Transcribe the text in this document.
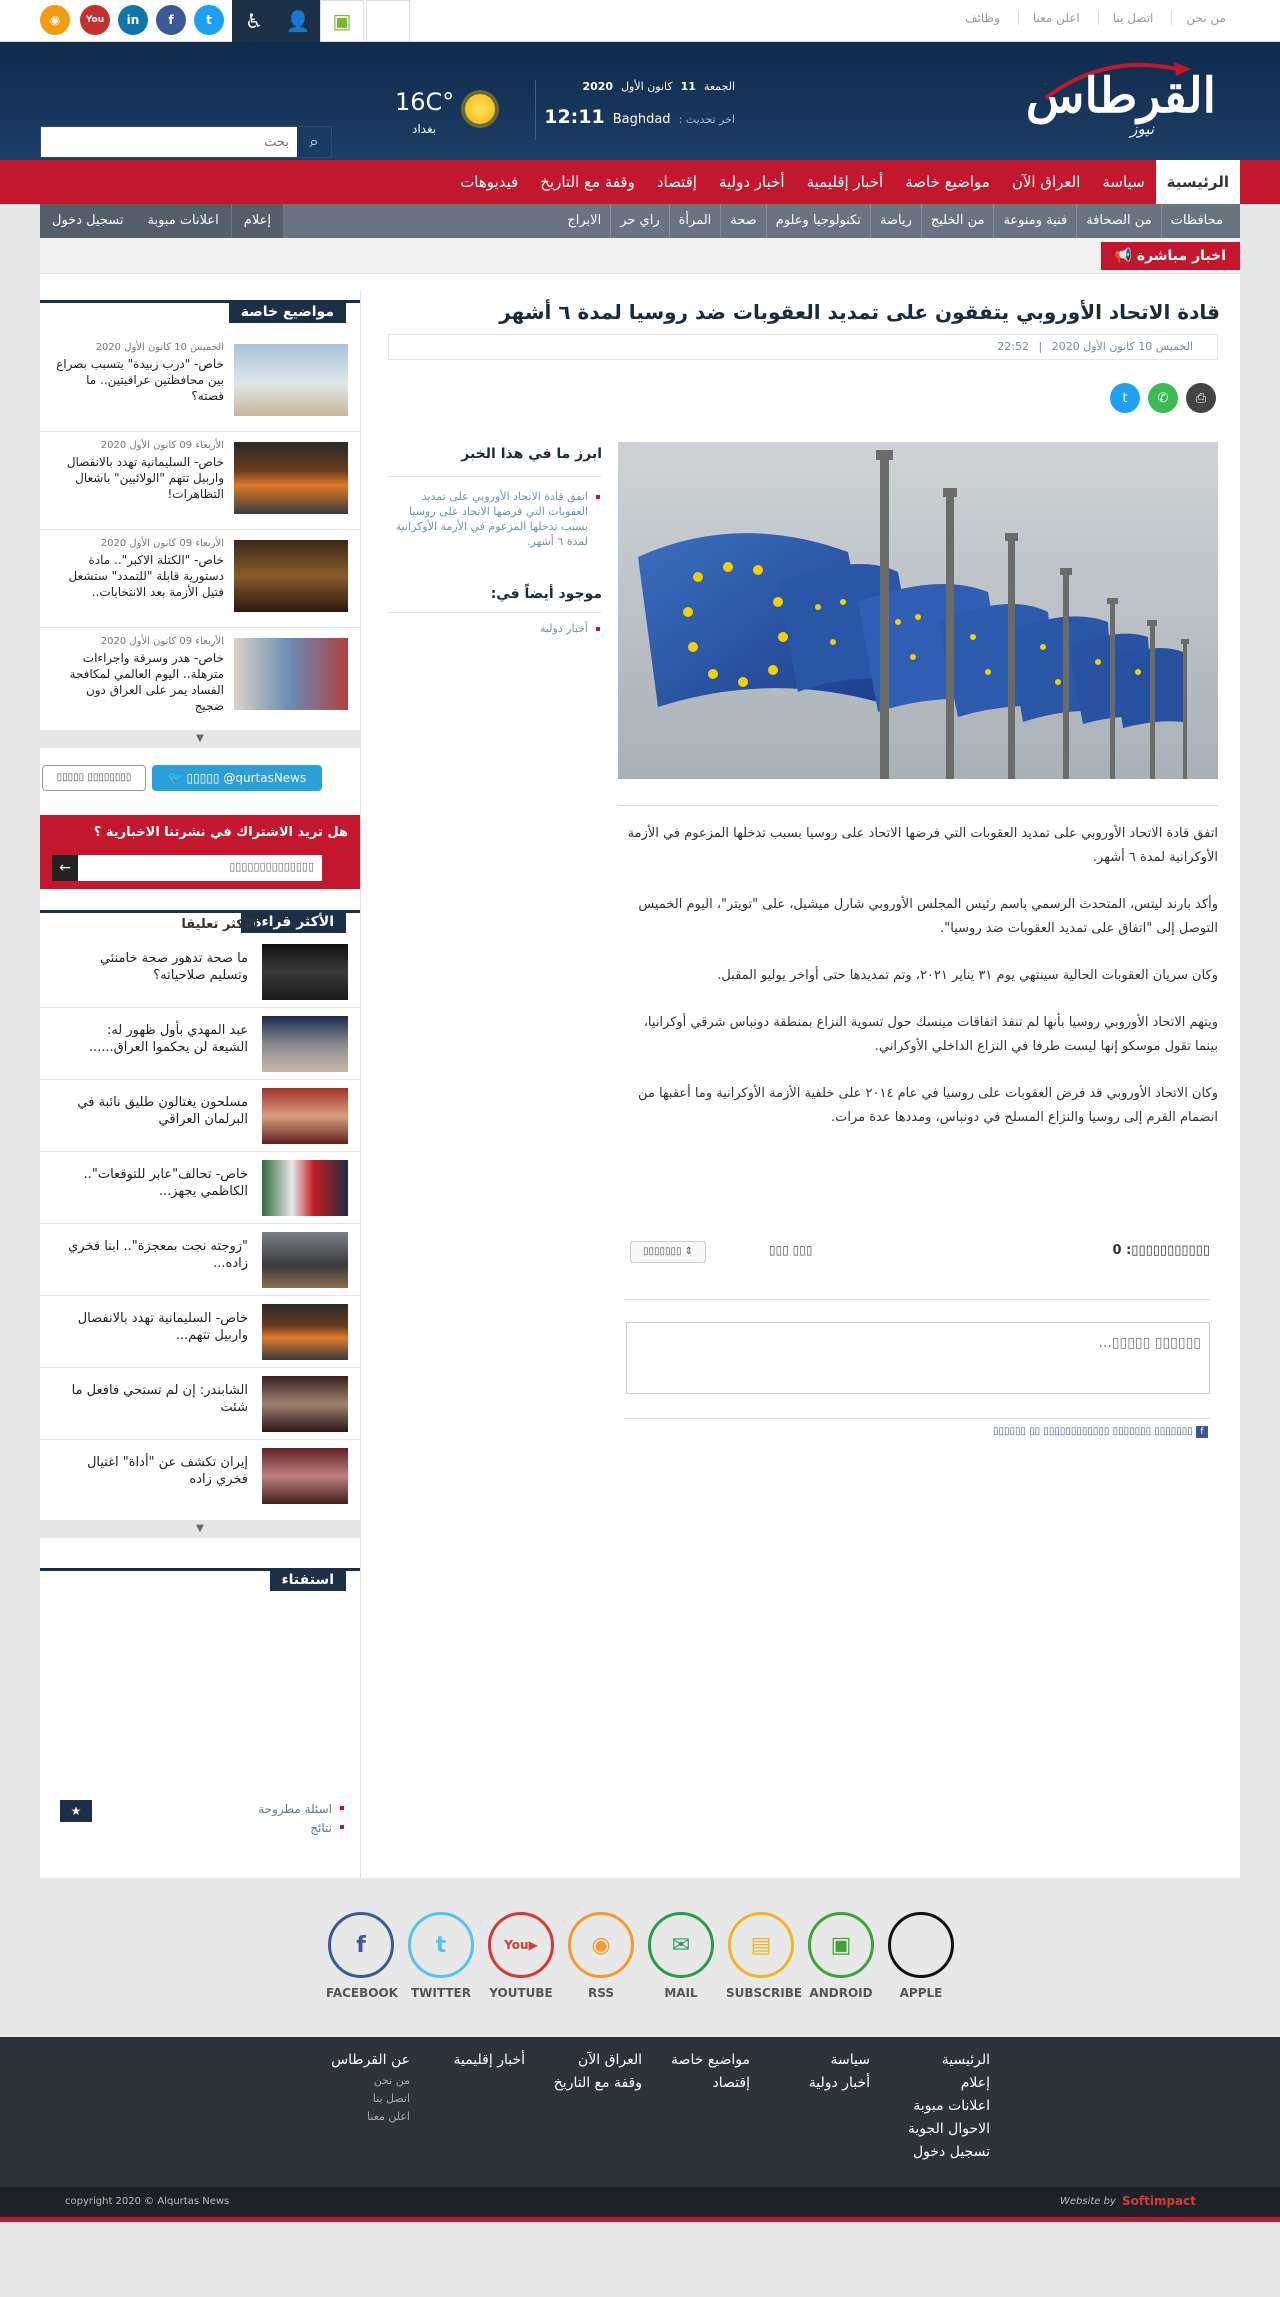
من نحن
اتصل بنا
اعلن معنا
وظائف
◉	You	in	f	t	♿	👤	▣
القرطاس
نيوز
الجمعة
11
كانون الأول
2020
اخر تحديث :
Baghdad
12:11
16C°
بغداد
بحث
⌕
الرئيسية
سياسة
العراق الآن
مواضيع خاصة
أخبار إقليمية
أخبار دولية
إقتصاد
وقفة مع التاريخ
فيديوهات
محافظات
من الصحافة
فنية ومنوعة
من الخليج
رياضة
تكنولوجيا وعلوم
صحة
المرأة
راي حر
الابراج
تسجيل دخول	اعلانات مبوبة	إعلام
📢 اخبار مباشرة
مواضيع خاصة
الخميس 10 كانون الأول 2020
خاص- "درب زبيدة" يتسبب بصراع بين محافظتين عراقيتين.. ما قصته؟
الأربعاء 09 كانون الأول 2020
خاص- السليمانية تهدد بالانفصال واربيل تتهم "الولائيين" باشعال التظاهرات!
الأربعاء 09 كانون الأول 2020
خاص- "الكتلة الاكبر".. مادة دستورية قابلة "للتمدد" ستشعل فتيل الأزمة بعد الانتخابات..
الأربعاء 09 كانون الأول 2020
خاص- هدر وسرقة واجراءات مترهلة.. اليوم العالمي لمكافحة الفساد يمر على العراق دون ضجيج
▼
🐦 ▯▯▯▯▯ @qurtasNews
▯▯▯▯▯ ▯▯▯▯▯▯▯▯
هل تريد الاشتراك في نشرتنا الاخبارية ؟
▯▯▯▯▯▯▯▯▯▯▯▯▯▯
←
الأكثر قراءة
الأكثر تعليقا
ما صحة تدهور صحة خامنئي وتسليم صلاحياته؟
عبد المهدي بأول ظهور له: الشيعة لن يحكموا العراق......
مسلحون يغتالون طليق نائبة في البرلمان العراقي
خاص- تحالف"عابر للتوقعات".. الكاظمي يجهز...
"زوجته نجت بمعجزة".. ابنا فخري زاده...
خاص- السليمانية تهدد بالانفصال واربيل تتهم...
الشابندر: إن لم تستحي فافعل ما شئت
إيران تكشف عن "أداة" اغتيال فخري زاده
▼
استفتاء
★	اسئلة مطروحة
نتائج
قادة الاتحاد الأوروبي يتفقون على تمديد العقوبات ضد روسيا لمدة ٦ أشهر
الخميس 10 كانون الأول 2020 | 22:52
⎙
✆
t

اتفق قادة الاتحاد الأوروبي على تمديد العقوبات التي فرضها الاتحاد على روسيا بسبب تدخلها المزعوم في الأزمة الأوكرانية لمدة ٦ أشهر.

وأكد بارند ليتس، المتحدث الرسمي باسم رئيس المجلس الأوروبي شارل ميشيل، على "تويتر"، اليوم الخميس التوصل إلى "اتفاق على تمديد العقوبات ضد روسيا".

وكان سريان العقوبات الحالية سينتهي يوم ٣١ يناير ٢٠٢١، وتم تمديدها حتى أواخر يوليو المقبل.

ويتهم الاتحاد الأوروبي روسيا بأنها لم تنفذ اتفاقات مينسك حول تسوية النزاع بمنطقة دونباس شرقي أوكرانيا، بينما تقول موسكو إنها ليست طرفا في النزاع الداخلي الأوكراني.

وكان الاتحاد الأوروبي قد فرض العقوبات على روسيا في عام ٢٠١٤ على خلفية الأزمة الأوكرانية وما أعقبها من انضمام القرم إلى روسيا والنزاع المسلح في دونباس، ومددها عدة مرات.

ابرز ما في هذا الخبر
اتفق قادة الاتحاد الأوروبي على تمديد العقوبات التي فرضها الاتحاد على روسيا بسبب تدخلها المزعوم في الأزمة الأوكرانية لمدة ٦ أشهر.
موجود أيضاً في:
أخبار دولية
▯▯▯▯▯▯▯▯▯▯▯: 0
▯▯▯ ▯▯▯
▯▯▯▯▯▯▯ ⇕
▯▯▯▯▯▯ ▯▯▯▯▯...
f ▯▯▯▯▯▯▯ ▯▯▯▯▯▯▯ ▯▯▯▯▯▯▯▯▯▯▯▯ ▯▯ ▯▯▯▯▯▯
f
FACEBOOK
t
TWITTER
You▶
YOUTUBE
◉
RSS
✉
MAIL
▤
SUBSCRIBE
▣
ANDROID	APPLE
الرئيسية
إعلام
اعلانات مبوبة
الاحوال الجوية
تسجيل دخول
سياسة
أخبار دولية
مواضيع خاصة
إقتصاد
العراق الآن
وقفة مع التاريخ
أخبار إقليمية
عن القرطاس
من نحن
اتصل بنا
اعلن معنا
copyright 2020 © Alqurtas News	Website by Softimpact
